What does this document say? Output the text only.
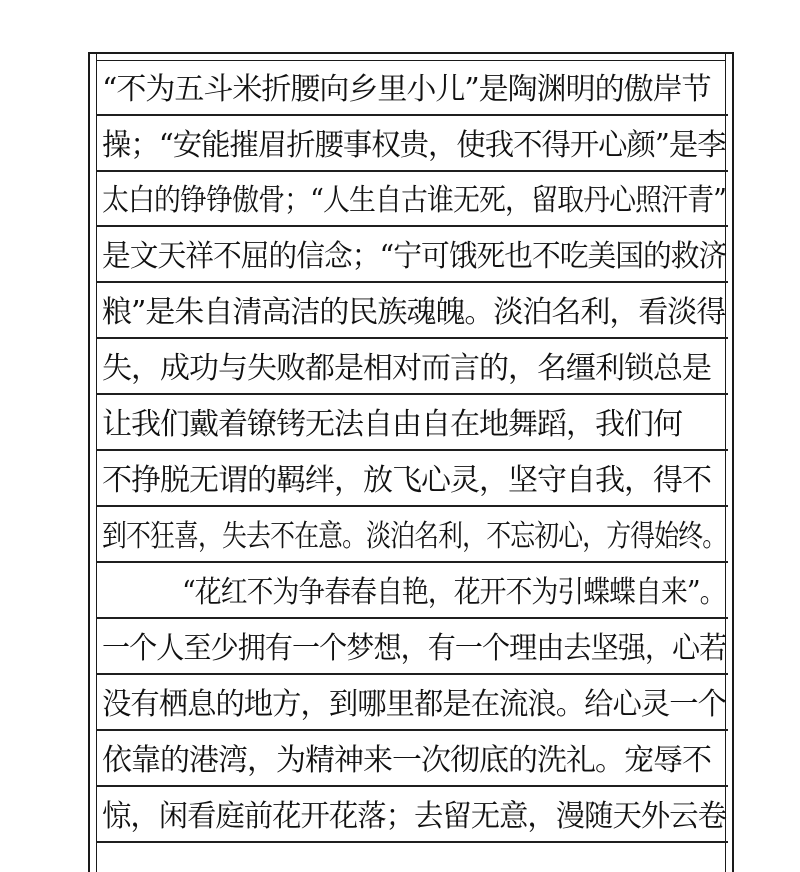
“不为五斗米折腰向乡里小儿”是陶渊明的傲岸节
操；“安能摧眉折腰事权贵，使我不得开心颜”是李
太白的铮铮傲骨；“人生自古谁无死，留取丹心照汗青”
是文天祥不屈的信念；“宁可饿死也不吃美国的救济
粮”是朱自清高洁的民族魂魄。淡泊名利，看淡得
失，成功与失败都是相对而言的，名缰利锁总是
让我们戴着镣铐无法自由自在地舞蹈，我们何
不挣脱无谓的羁绊，放飞心灵，坚守自我，得不
到不狂喜，失去不在意。淡泊名利，不忘初心，方得始终。
“花红不为争春春自艳，花开不为引蝶蝶自来”。
一个人至少拥有一个梦想，有一个理由去坚强，心若
没有栖息的地方，到哪里都是在流浪。给心灵一个
依靠的港湾，为精神来一次彻底的洗礼。宠辱不
惊，闲看庭前花开花落；去留无意，漫随天外云卷
